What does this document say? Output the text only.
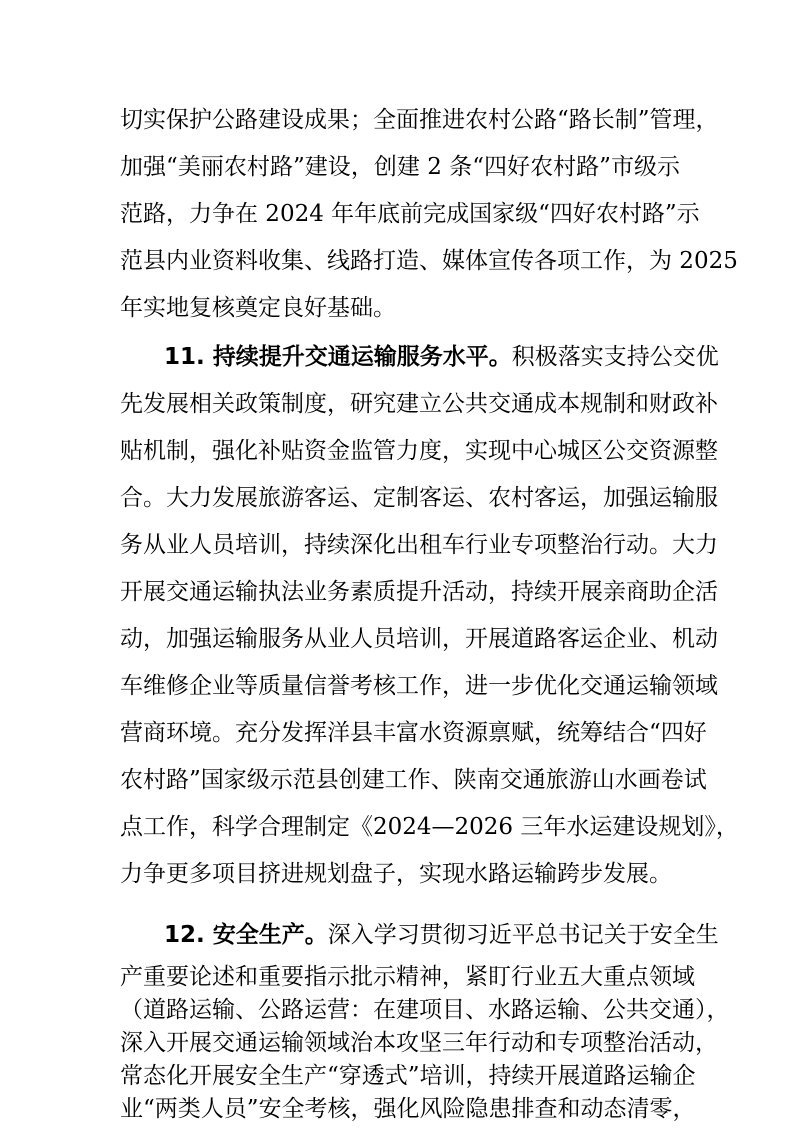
切实保护公路建设成果；全面推进农村公路“路长制”管理，
加强“美丽农村路”建设，创建 2 条“四好农村路”市级示
范路，力争在 2024 年年底前完成国家级“四好农村路”示
范县内业资料收集、线路打造、媒体宣传各项工作，为 2025
年实地复核奠定良好基础。
11. 持续提升交通运输服务水平。积极落实支持公交优
先发展相关政策制度，研究建立公共交通成本规制和财政补
贴机制，强化补贴资金监管力度，实现中心城区公交资源整
合。大力发展旅游客运、定制客运、农村客运，加强运输服
务从业人员培训，持续深化出租车行业专项整治行动。大力
开展交通运输执法业务素质提升活动，持续开展亲商助企活
动，加强运输服务从业人员培训，开展道路客运企业、机动
车维修企业等质量信誉考核工作，进一步优化交通运输领域
营商环境。充分发挥洋县丰富水资源禀赋，统筹结合“四好
农村路”国家级示范县创建工作、陕南交通旅游山水画卷试
点工作，科学合理制定《2024—2026 三年水运建设规划》，
力争更多项目挤进规划盘子，实现水路运输跨步发展。
12. 安全生产。深入学习贯彻习近平总书记关于安全生
产重要论述和重要指示批示精神，紧盯行业五大重点领域
（道路运输、公路运营：在建项目、水路运输、公共交通），
深入开展交通运输领域治本攻坚三年行动和专项整治活动，
常态化开展安全生产“穿透式”培训，持续开展道路运输企
业“两类人员”安全考核，强化风险隐患排查和动态清零，
